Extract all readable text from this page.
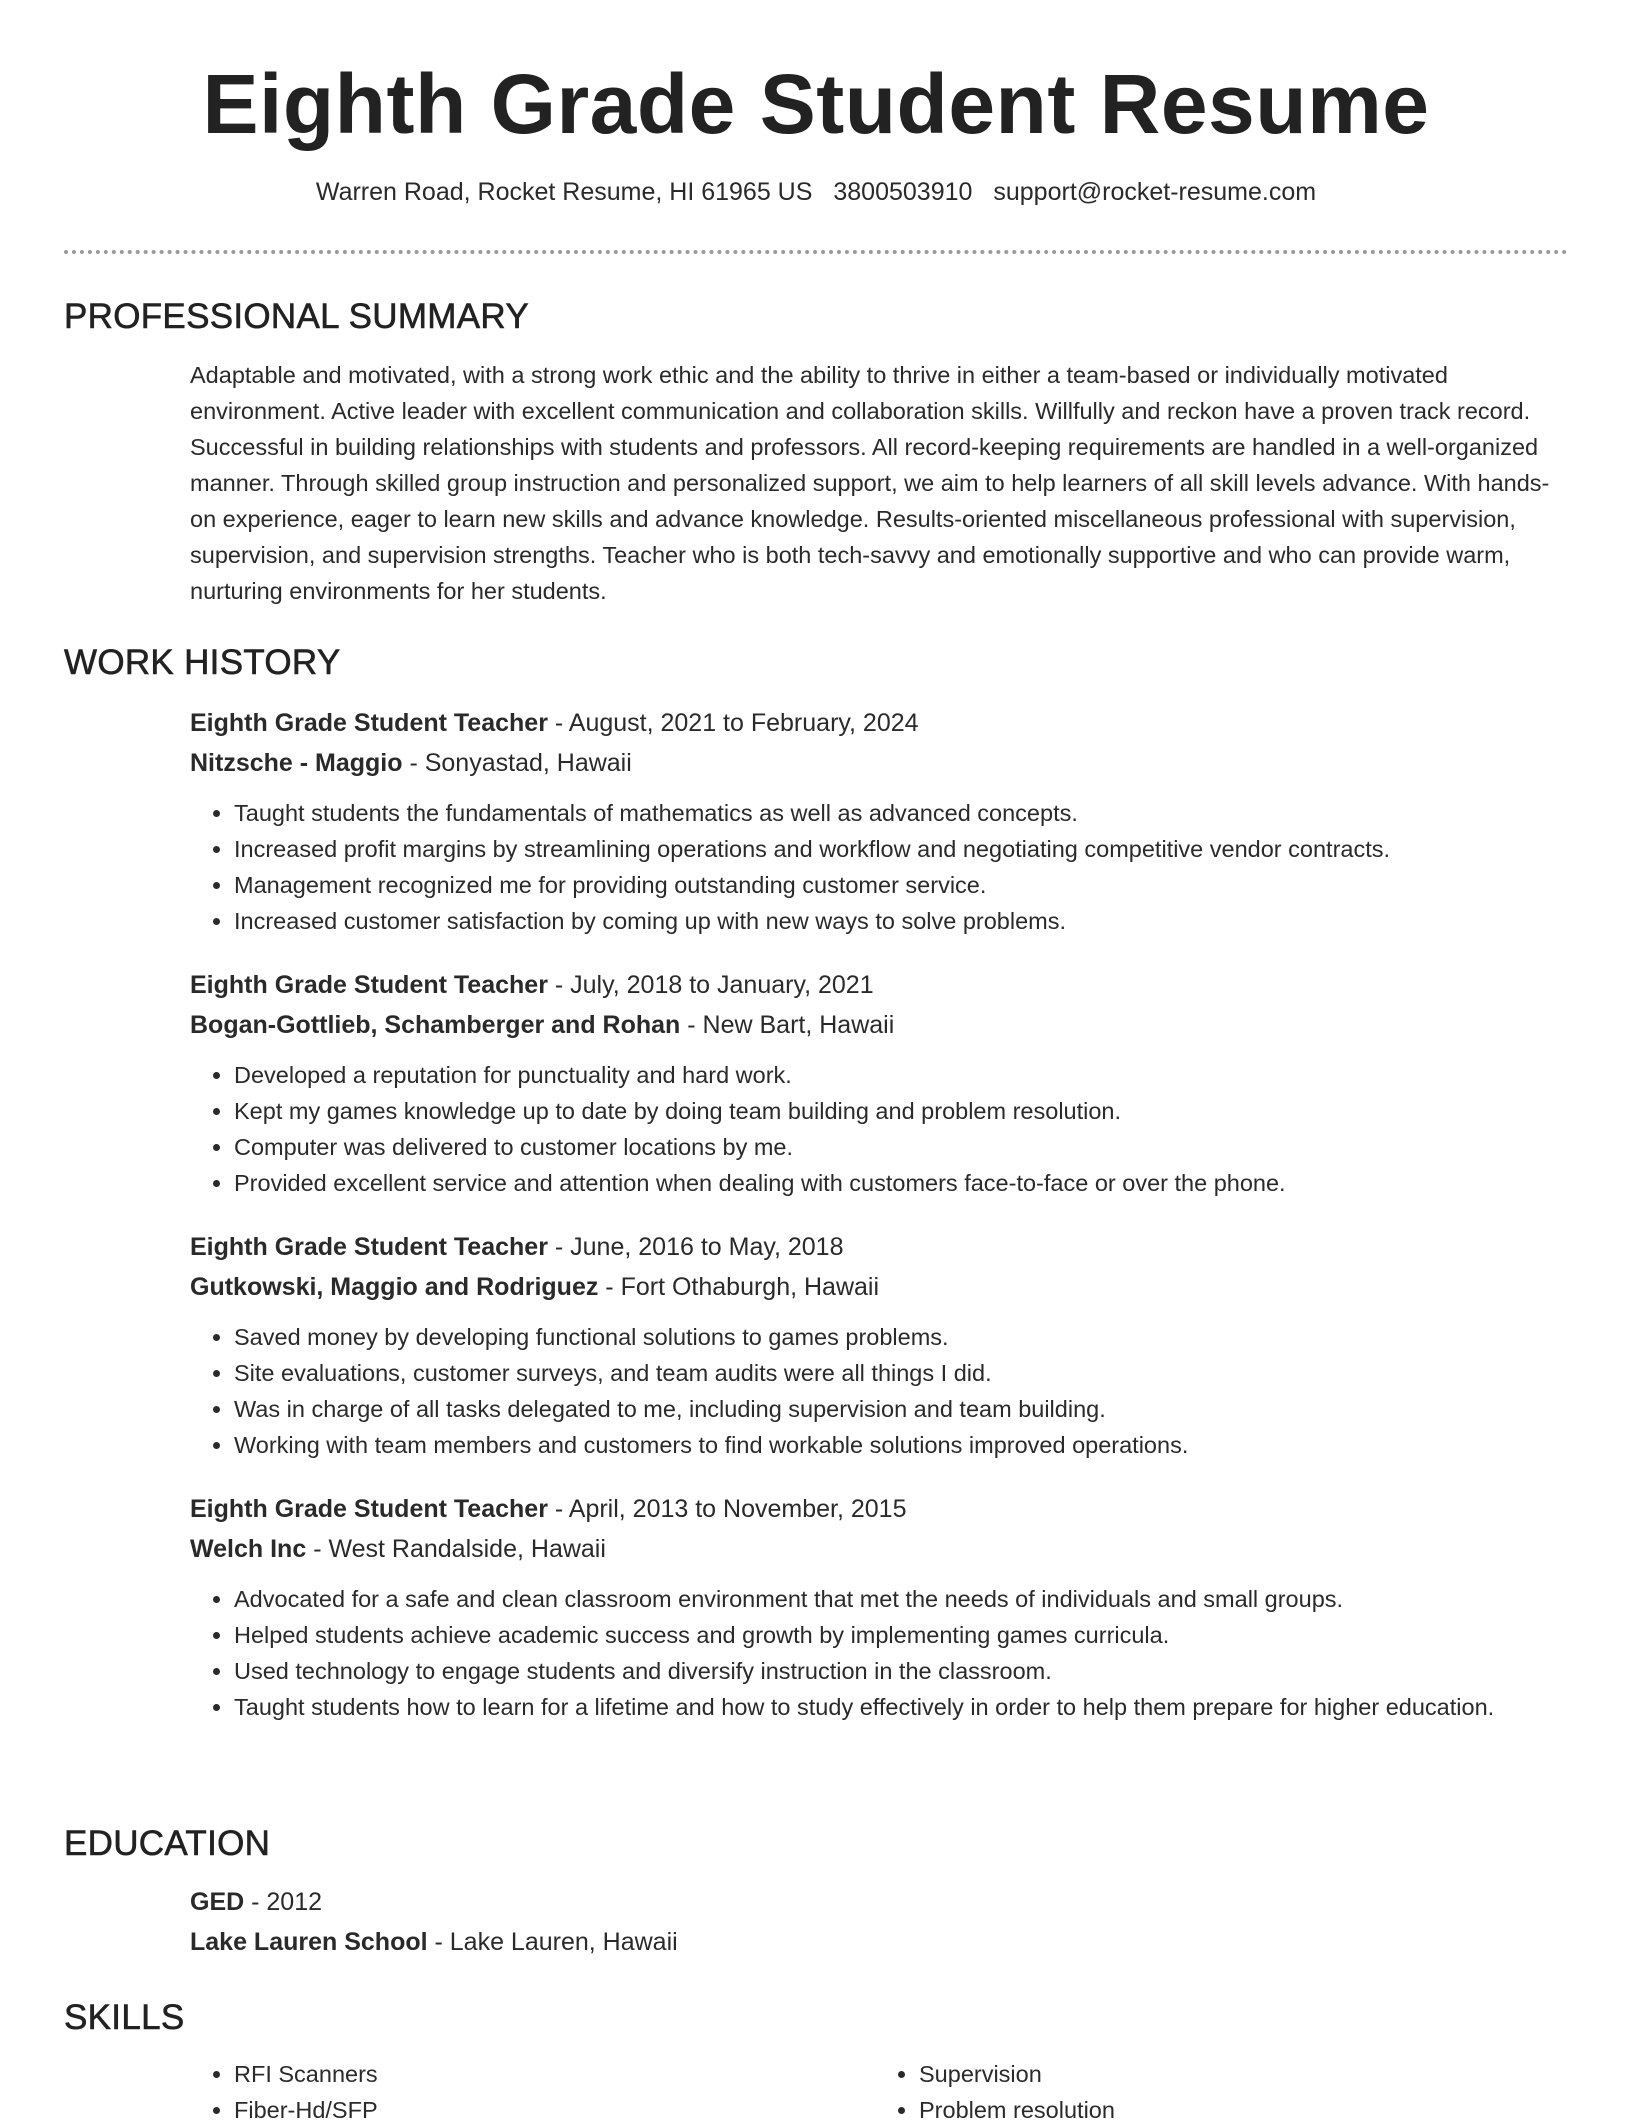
Eighth Grade Student Resume
Warren Road, Rocket Resume, HI 61965 US 3800503910 support@rocket-resume.com
PROFESSIONAL SUMMARY

Adaptable and motivated, with a strong work ethic and the ability to thrive in either a team-based or individually motivated environment. Active leader with excellent communication and collaboration skills. Willfully and reckon have a proven track record. Successful in building relationships with students and professors. All record-keeping requirements are handled in a well-organized manner. Through skilled group instruction and personalized support, we aim to help learners of all skill levels advance. With hands-on experience, eager to learn new skills and advance knowledge. Results-oriented miscellaneous professional with supervision, supervision, and supervision strengths. Teacher who is both tech-savvy and emotionally supportive and who can provide warm, nurturing environments for her students.

WORK HISTORY
Eighth Grade Student Teacher - August, 2021 to February, 2024
Nitzsche - Maggio - Sonyastad, Hawaii
• Taught students the fundamentals of mathematics as well as advanced concepts.
• Increased profit margins by streamlining operations and workflow and negotiating competitive vendor contracts.
• Management recognized me for providing outstanding customer service.
• Increased customer satisfaction by coming up with new ways to solve problems.
Eighth Grade Student Teacher - July, 2018 to January, 2021
Bogan-Gottlieb, Schamberger and Rohan - New Bart, Hawaii
• Developed a reputation for punctuality and hard work.
• Kept my games knowledge up to date by doing team building and problem resolution.
• Computer was delivered to customer locations by me.
• Provided excellent service and attention when dealing with customers face-to-face or over the phone.
Eighth Grade Student Teacher - June, 2016 to May, 2018
Gutkowski, Maggio and Rodriguez - Fort Othaburgh, Hawaii
• Saved money by developing functional solutions to games problems.
• Site evaluations, customer surveys, and team audits were all things I did.
• Was in charge of all tasks delegated to me, including supervision and team building.
• Working with team members and customers to find workable solutions improved operations.
Eighth Grade Student Teacher - April, 2013 to November, 2015
Welch Inc - West Randalside, Hawaii
• Advocated for a safe and clean classroom environment that met the needs of individuals and small groups.
• Helped students achieve academic success and growth by implementing games curricula.
• Used technology to engage students and diversify instruction in the classroom.
• Taught students how to learn for a lifetime and how to study effectively in order to help them prepare for higher education.
EDUCATION
GED - 2012
Lake Lauren School - Lake Lauren, Hawaii
SKILLS
• RFI Scanners
• Fiber-Hd/SFP
• Supervision
• Problem resolution
